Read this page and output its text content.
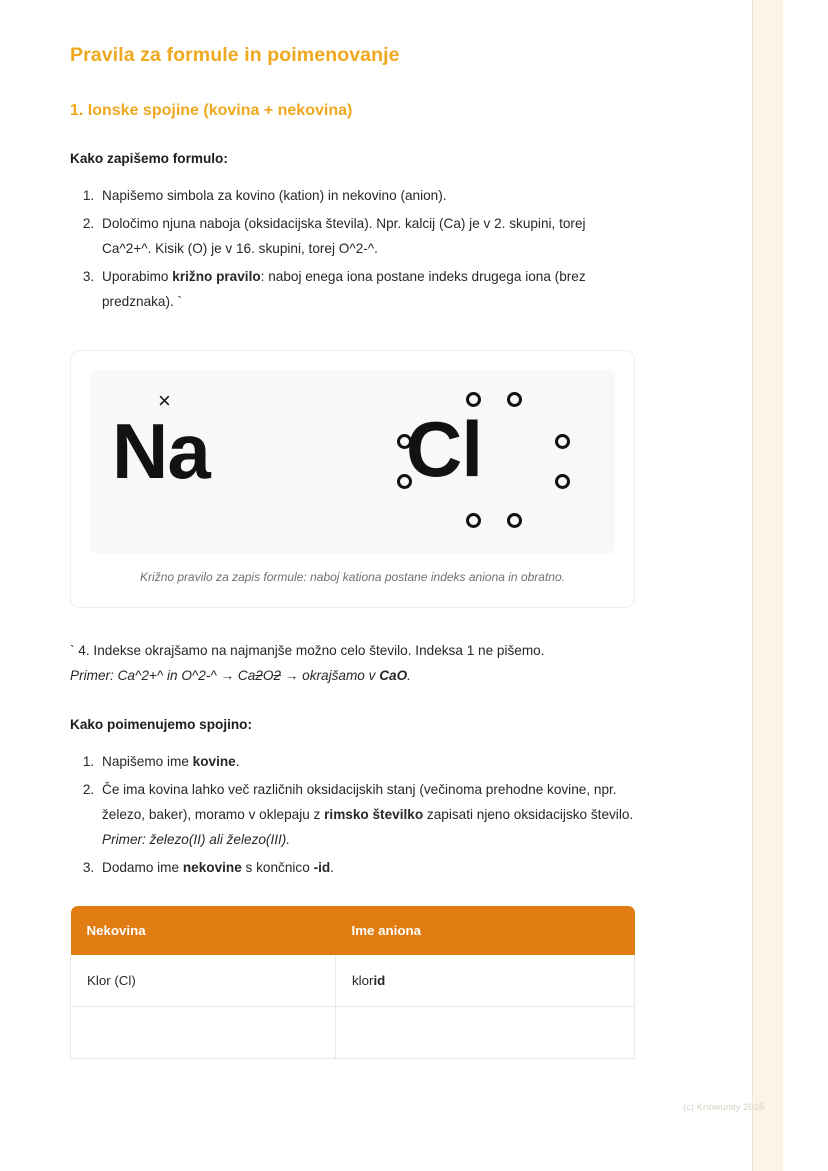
Pravila za formule in poimenovanje
1. Ionske spojine (kovina + nekovina)
Kako zapišemo formulo:
1. Napišemo simbola za kovino (kation) in nekovino (anion).
2. Določimo njuna naboja (oksidacijska števila). Npr. kalcij (Ca) je v 2. skupini, torej Ca^2+^. Kisik (O) je v 16. skupini, torej O^2-^.
3. Uporabimo križno pravilo: naboj enega iona postane indeks drugega iona (brez predznaka). `
×
Na	Cl
Križno pravilo za zapis formule: naboj kationa postane indeks aniona in obratno.
` 4. Indekse okrajšamo na najmanjše možno celo število. Indeksa 1 ne pišemo.
Primer: Ca^2+^ in O^2-^ → Ca2O2 → okrajšamo v CaO.
Kako poimenujemo spojino:
1. Napišemo ime kovine.
2. Če ima kovina lahko več različnih oksidacijskih stanj (večinoma prehodne kovine, npr. železo, baker), moramo v oklepaju z rimsko številko zapisati njeno oksidacijsko število. Primer: železo(II) ali železo(III).
3. Dodamo ime nekovine s končnico -id.
Nekovina	Ime aniona
Klor (Cl)	klorid

(c) Knowunity 2025
